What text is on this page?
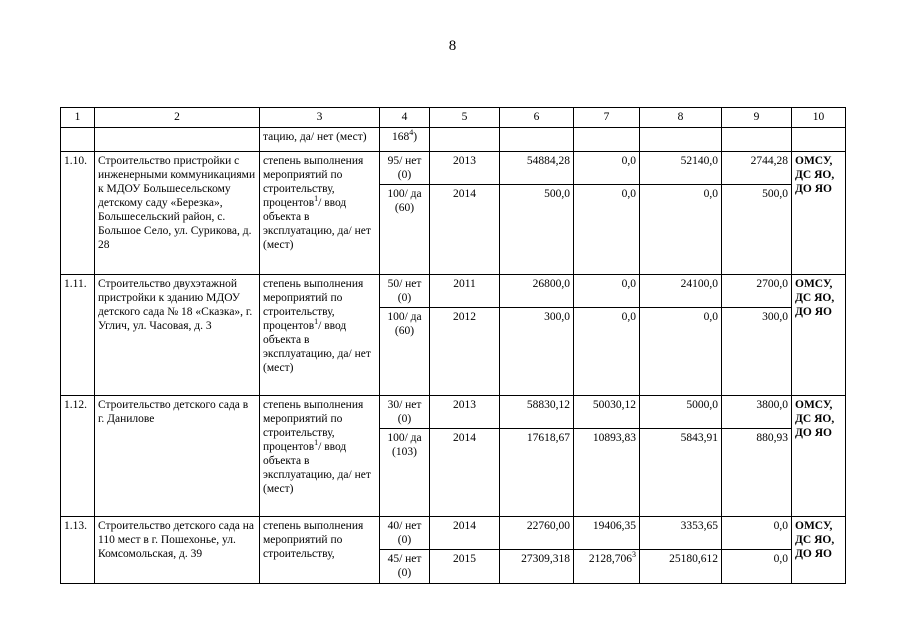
8
1	2	3	4	5	6	7	8	9	10
		тацию, да/ нет (мест)	$168^4$)						
1.10.	Строительство пристройки с инженерными коммуникациями к МДОУ Большесельскому детскому саду «Березка», Большесельский район, с. Большое Село, ул. Сурикова, д. 28	степень выполнения мероприятий по строительству, процентов$^1$/ ввод объекта в эксплуатацию, да/ нет (мест)	95/ нет (0)	2013	54884,28	0,0	52140,0	2744,28	ОМСУ, ДС ЯО, ДО ЯО
			100/ да (60)	2014	500,0	0,0	0,0	500,0	
1.11.	Строительство двухэтажной пристройки к зданию МДОУ детского сада № 18 «Сказка», г. Углич, ул. Часовая, д. 3	степень выполнения мероприятий по строительству, процентов$^1$/ ввод объекта в эксплуатацию, да/ нет (мест)	50/ нет (0)	2011	26800,0	0,0	24100,0	2700,0	ОМСУ, ДС ЯО, ДО ЯО
			100/ да (60)	2012	300,0	0,0	0,0	300,0	
1.12.	Строительство детского сада в г. Данилове	степень выполнения мероприятий по строительству, процентов$^1$/ ввод объекта в эксплуатацию, да/ нет (мест)	30/ нет (0)	2013	58830,12	50030,12	5000,0	3800,0	ОМСУ, ДС ЯО, ДО ЯО
			100/ да (103)	2014	17618,67	10893,83	5843,91	880,93	
1.13.	Строительство детского сада на 110 мест в г. Пошехонье, ул. Комсомольская, д. 39	степень выполнения мероприятий по строительству,	40/ нет (0)	2014	22760,00	19406,35	3353,65	0,0	ОМСУ, ДС ЯО, ДО ЯО
			45/ нет (0)	2015	27309,318	2128,706$^3$	25180,612	0,0	
